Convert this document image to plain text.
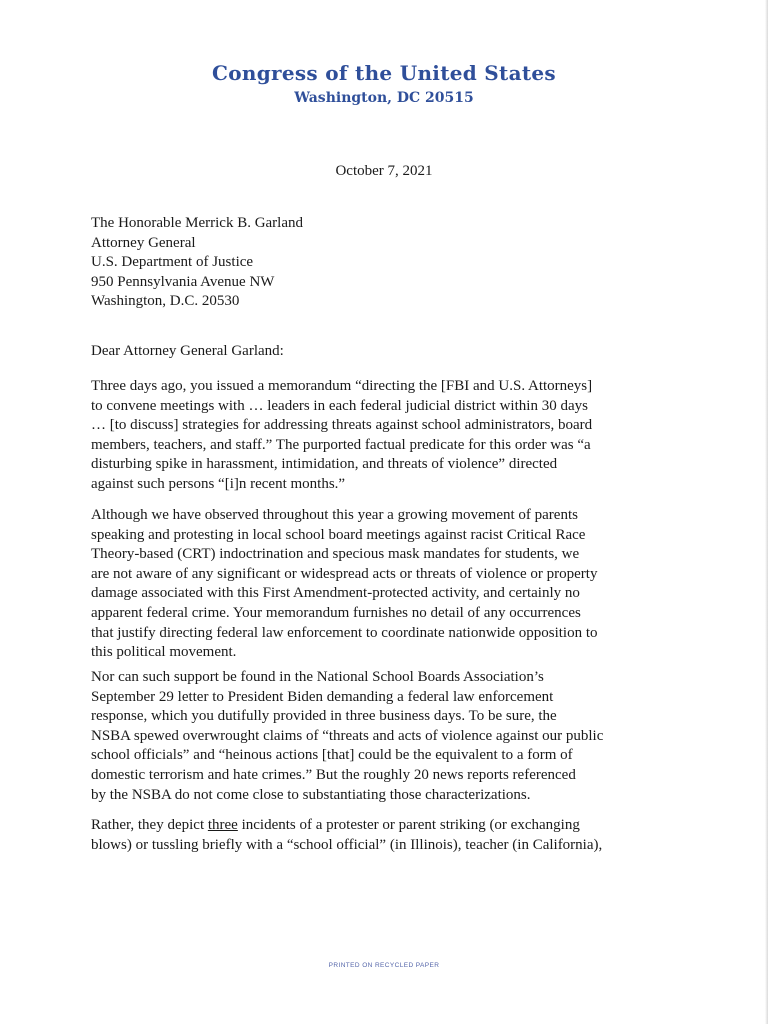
Congress of the United States
Washington, DC 20515
October 7, 2021
The Honorable Merrick B. Garland
Attorney General
U.S. Department of Justice
950 Pennsylvania Avenue NW
Washington, D.C. 20530
Dear Attorney General Garland:
Three days ago, you issued a memorandum “directing the [FBI and U.S. Attorneys]
to convene meetings with … leaders in each federal judicial district within 30 days
… [to discuss] strategies for addressing threats against school administrators, board
members, teachers, and staff.” The purported factual predicate for this order was “a
disturbing spike in harassment, intimidation, and threats of violence” directed
against such persons “[i]n recent months.”
Although we have observed throughout this year a growing movement of parents
speaking and protesting in local school board meetings against racist Critical Race
Theory-based (CRT) indoctrination and specious mask mandates for students, we
are not aware of any significant or widespread acts or threats of violence or property
damage associated with this First Amendment-protected activity, and certainly no
apparent federal crime. Your memorandum furnishes no detail of any occurrences
that justify directing federal law enforcement to coordinate nationwide opposition to
this political movement.
Nor can such support be found in the National School Boards Association’s
September 29 letter to President Biden demanding a federal law enforcement
response, which you dutifully provided in three business days. To be sure, the
NSBA spewed overwrought claims of “threats and acts of violence against our public
school officials” and “heinous actions [that] could be the equivalent to a form of
domestic terrorism and hate crimes.” But the roughly 20 news reports referenced
by the NSBA do not come close to substantiating those characterizations.
Rather, they depict three incidents of a protester or parent striking (or exchanging
blows) or tussling briefly with a “school official” (in Illinois), teacher (in California),
PRINTED ON RECYCLED PAPER
